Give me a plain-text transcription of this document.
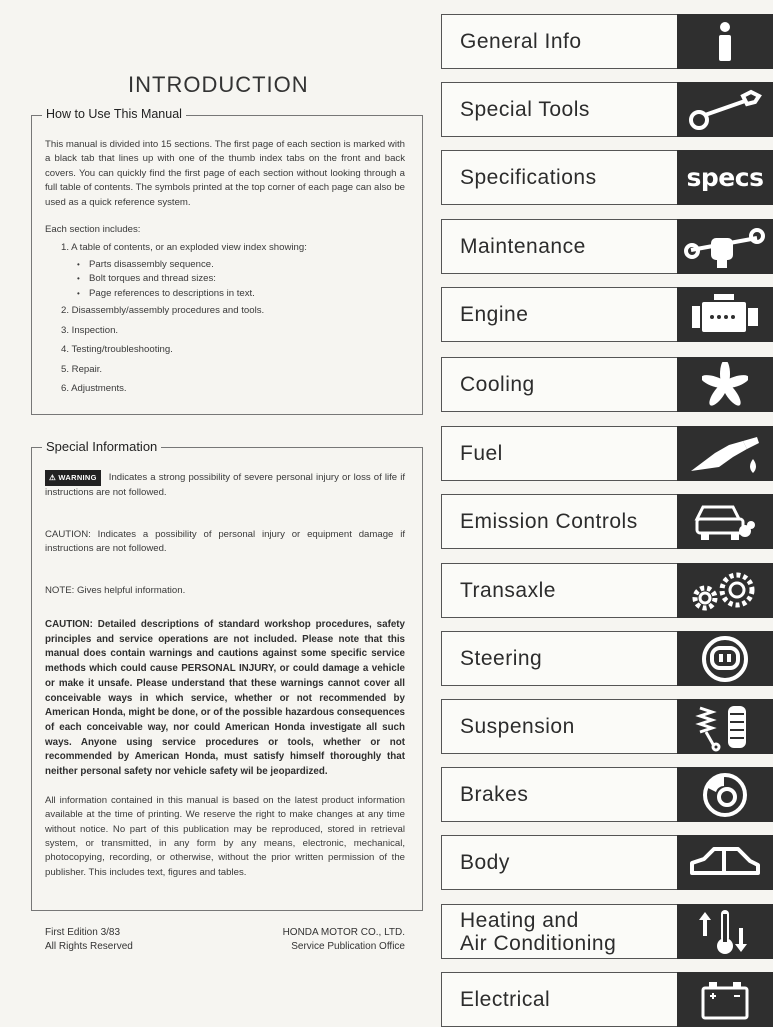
INTRODUCTION
How to Use This Manual

This manual is divided into 15 sections. The first page of each section is marked with a black tab that lines up with one of the thumb index tabs on the front and back covers. You can quickly find the first page of each section without looking through a full table of contents. The symbols printed at the top corner of each page can also be used as a quick reference system.

Each section includes:

1. A table of contents, or an exploded view index showing:
• Parts disassembly sequence.
• Bolt torques and thread sizes:
• Page references to descriptions in text.
2. Disassembly/assembly procedures and tools.
3. Inspection.
4. Testing/troubleshooting.
5. Repair.
6. Adjustments.
Special Information

⚠ WARNING Indicates a strong possibility of severe personal injury or loss of life if instructions are not followed.

CAUTION: Indicates a possibility of personal injury or equipment damage if instructions are not followed.

NOTE: Gives helpful information.

CAUTION: Detailed descriptions of standard workshop procedures, safety principles and service operations are not included. Please note that this manual does contain warnings and cautions against some specific service methods which could cause PERSONAL INJURY, or could damage a vehicle or make it unsafe. Please understand that these warnings cannot cover all conceivable ways in which service, whether or not recommended by American Honda, might be done, or of the possible hazardous consequences of each conceivable way, nor could American Honda investigate all such ways. Anyone using service procedures or tools, whether or not recommended by American Honda, must satisfy himself thoroughly that neither personal safety nor vehicle safety wil be jeopardized.

All information contained in this manual is based on the latest product information available at the time of printing. We reserve the right to make changes at any time without notice. No part of this publication may be reproduced, stored in retrieval system, or transmitted, in any form by any means, electronic, mechanical, photocopying, recording, or otherwise, without the prior written permission of the publisher. This includes text, figures and tables.

First Edition 3/83
All Rights Reserved
HONDA MOTOR CO., LTD.
Service Publication Office
General Info
Special Tools
Specifications	specs
Maintenance
Engine
Cooling
Fuel
Emission Controls
Transaxle
Steering
Suspension
Brakes
Body
Heating and
Air Conditioning
Electrical
